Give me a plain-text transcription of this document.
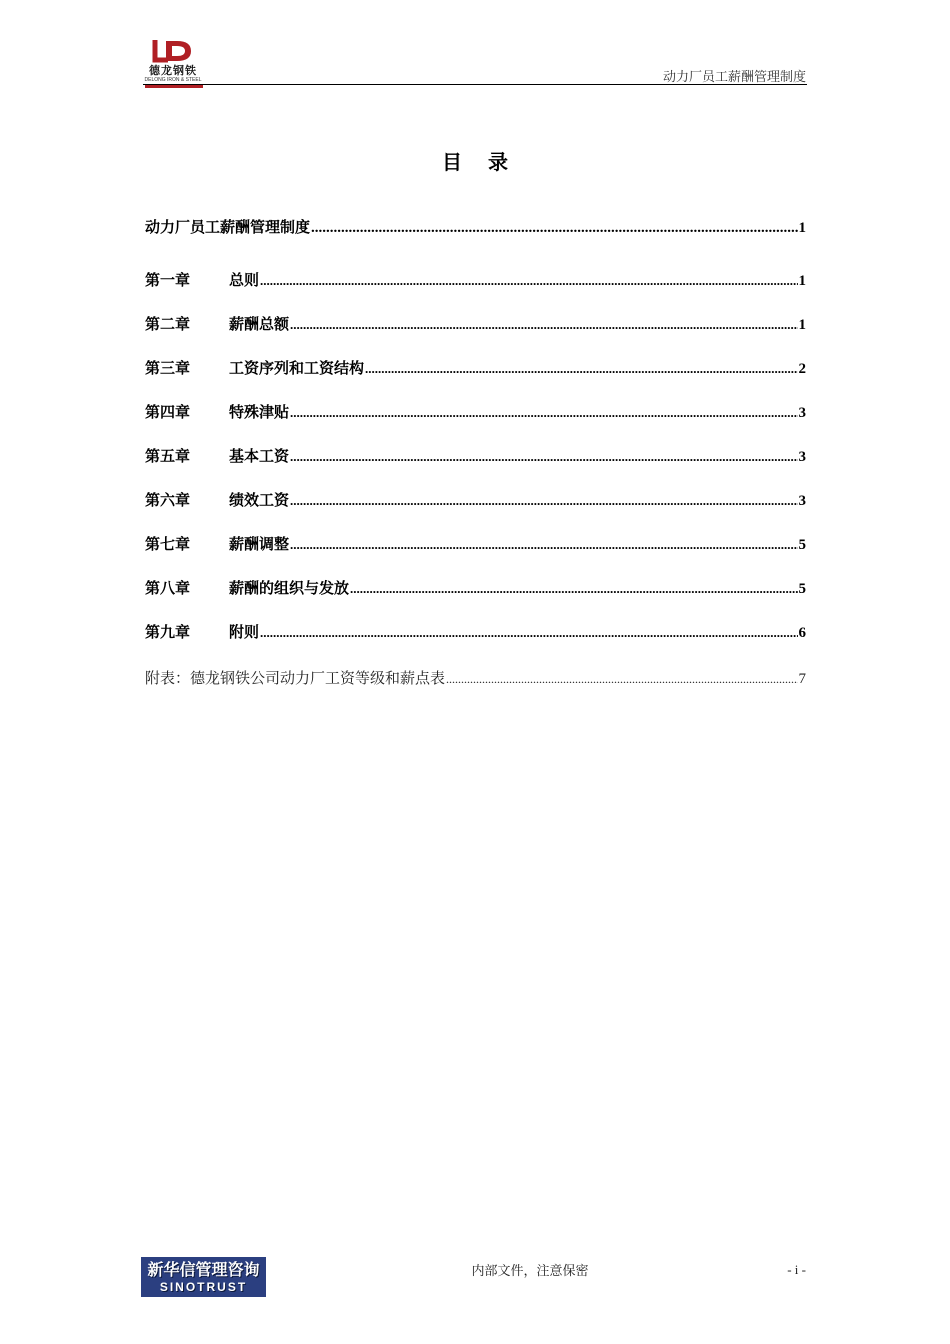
德龙钢铁
DELONG IRON & STEEL	动力厂员工薪酬管理制度
目 录
动力厂员工薪酬管理制度 .....	1
第一章	总则 .....	1
第二章	薪酬总额 .....	1
第三章	工资序列和工资结构 .....	2
第四章	特殊津贴 .....	3
第五章	基本工资 .....	3
第六章	绩效工资 .....	3
第七章	薪酬调整 .....	5
第八章	薪酬的组织与发放 .....	5
第九章	附则 .....	6
附表：德龙钢铁公司动力厂工资等级和薪点表 .....	7
新华信管理咨询
SINOTRUST
内部文件，注意保密	- i -
